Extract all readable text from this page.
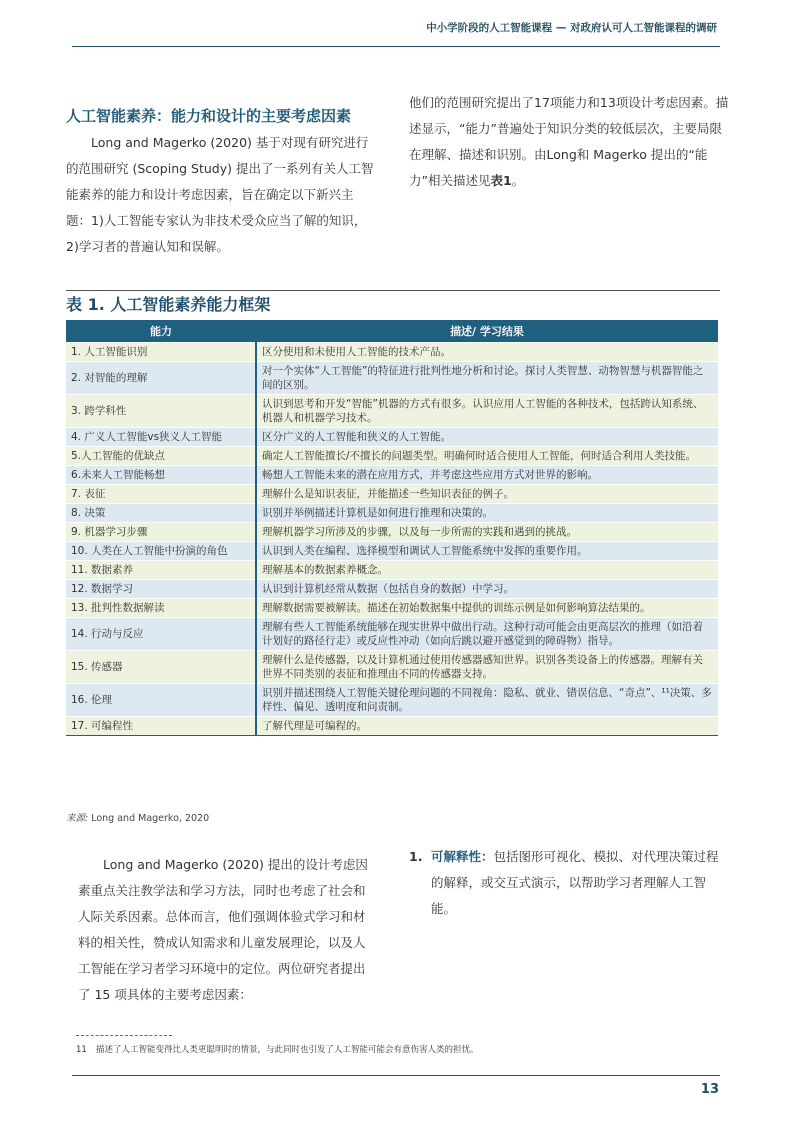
中小学阶段的人工智能课程 — 对政府认可人工智能课程的调研
人工智能素养：能力和设计的主要考虑因素

Long and Magerko (2020) 基于对现有研究进行的范围研究 (Scoping Study) 提出了一系列有关人工智能素养的能力和设计考虑因素，旨在确定以下新兴主题：1)人工智能专家认为非技术受众应当了解的知识，2)学习者的普遍认知和误解。

他们的范围研究提出了17项能力和13项设计考虑因素。描述显示，“能力”普遍处于知识分类的较低层次，主要局限在理解、描述和识别。由Long和 Magerko 提出的“能力”相关描述见表1。

表 1. 人工智能素养能力框架
能力	描述/ 学习结果
1. 人工智能识别	区分使用和未使用人工智能的技术产品。
2. 对智能的理解	对一个实体“人工智能”的特征进行批判性地分析和讨论。探讨人类智慧、动物智慧与机器智能之间的区别。
3. 跨学科性	认识到思考和开发“智能”机器的方式有很多。认识应用人工智能的各种技术，包括跨认知系统、机器人和机器学习技术。
4. 广义人工智能vs狭义人工智能	区分广义的人工智能和狭义的人工智能。
5.人工智能的优缺点	确定人工智能擅长/不擅长的问题类型。明确何时适合使用人工智能，何时适合利用人类技能。
6.未来人工智能畅想	畅想人工智能未来的潜在应用方式，并考虑这些应用方式对世界的影响。
7. 表征	理解什么是知识表征，并能描述一些知识表征的例子。
8. 决策	识别并举例描述计算机是如何进行推理和决策的。
9. 机器学习步骤	理解机器学习所涉及的步骤，以及每一步所需的实践和遇到的挑战。
10. 人类在人工智能中扮演的角色	认识到人类在编程、选择模型和调试人工智能系统中发挥的重要作用。
11. 数据素养	理解基本的数据素养概念。
12. 数据学习	认识到计算机经常从数据（包括自身的数据）中学习。
13. 批判性数据解读	理解数据需要被解读。描述在初始数据集中提供的训练示例是如何影响算法结果的。
14. 行动与反应	理解有些人工智能系统能够在现实世界中做出行动。这种行动可能会由更高层次的推理（如沿着计划好的路径行走）或反应性冲动（如向后跳以避开感觉到的障碍物）指导。
15. 传感器	理解什么是传感器，以及计算机通过使用传感器感知世界。识别各类设备上的传感器。理解有关世界不同类别的表征和推理由不同的传感器支持。
16. 伦理	识别并描述围绕人工智能关键伦理问题的不同视角：隐私、就业、错误信息、“奇点”、¹¹决策、多样性、偏见、透明度和问责制。
17. 可编程性	了解代理是可编程的。
来源: Long and Magerko, 2020

Long and Magerko (2020) 提出的设计考虑因素重点关注教学法和学习方法，同时也考虑了社会和人际关系因素。总体而言，他们强调体验式学习和材料的相关性，赞成认知需求和儿童发展理论，以及人工智能在学习者学习环境中的定位。两位研究者提出了 15 项具体的主要考虑因素：

1. 可解释性：包括图形可视化、模拟、对代理决策过程的解释，或交互式演示，以帮助学习者理解人工智能。
11 描述了人工智能变得比人类更聪明时的情景，与此同时也引发了人工智能可能会有意伤害人类的担忧。
13
